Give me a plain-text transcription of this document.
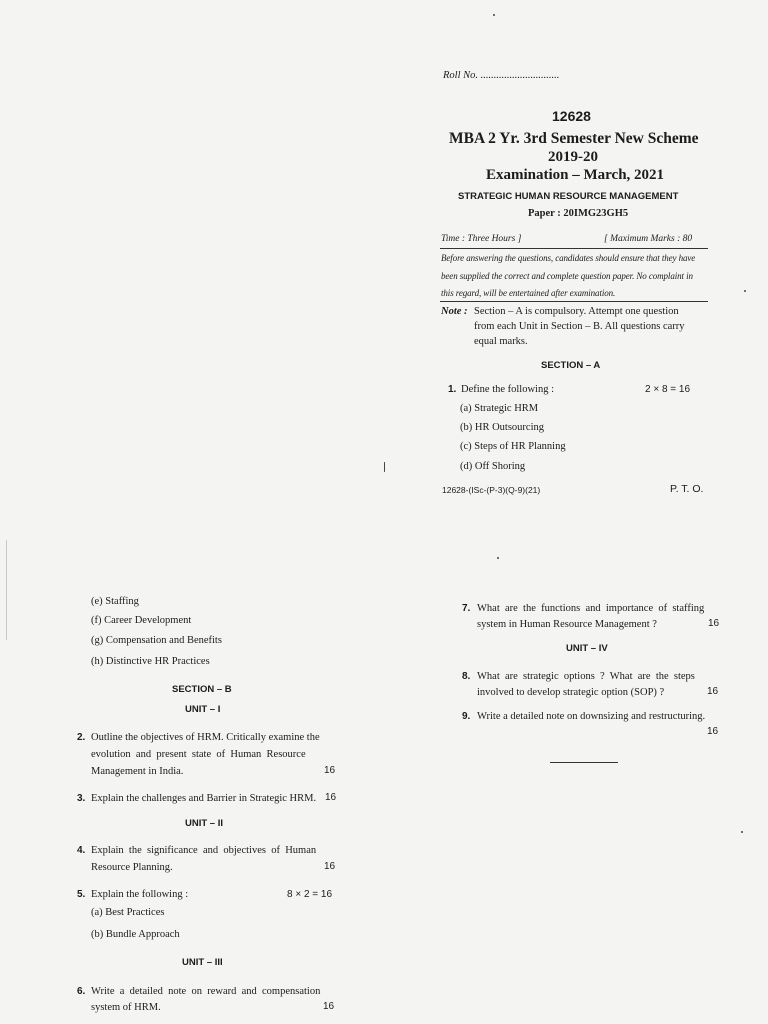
Roll No. ..............................
12628
MBA 2 Yr. 3rd Semester New Scheme
2019-20
Examination – March, 2021
STRATEGIC HUMAN RESOURCE MANAGEMENT
Paper : 20IMG23GH5
Time : Three Hours ]	[ Maximum Marks : 80
Before answering the questions, candidates should ensure that they have
been supplied the correct and complete question paper. No complaint in
this regard, will be entertained after examination.
Note : Section – A is compulsory. Attempt one question
from each Unit in Section – B. All questions carry
equal marks.
SECTION – A
1. Define the following :	2 × 8 = 16
(a) Strategic HRM
(b) HR Outsourcing
(c) Steps of HR Planning
(d) Off Shoring
12628-(ISc-(P-3)(Q-9)(21)	P. T. O.
(e) Staffing
(f) Career Development
(g) Compensation and Benefits
(h) Distinctive HR Practices
SECTION – B
UNIT – I
2. Outline the objectives of HRM. Critically examine the
evolution  and  present  state  of  Human  Resource
Management in India.	16
3. Explain the challenges and Barrier in Strategic HRM. 16
UNIT – II
4. Explain  the  significance  and  objectives  of  Human
Resource Planning.	16
5. Explain the following :	8 × 2 = 16
(a) Best Practices
(b) Bundle Approach
UNIT – III
6. Write  a  detailed  note  on  reward  and  compensation
system of HRM.	16
7. What  are  the  functions  and  importance  of  staffing
system in Human Resource Management ?	16
UNIT – IV
8. What  are  strategic  options  ?  What  are  the  steps
involved to develop strategic option (SOP) ?	16
9. Write a detailed note on downsizing and restructuring.
16
